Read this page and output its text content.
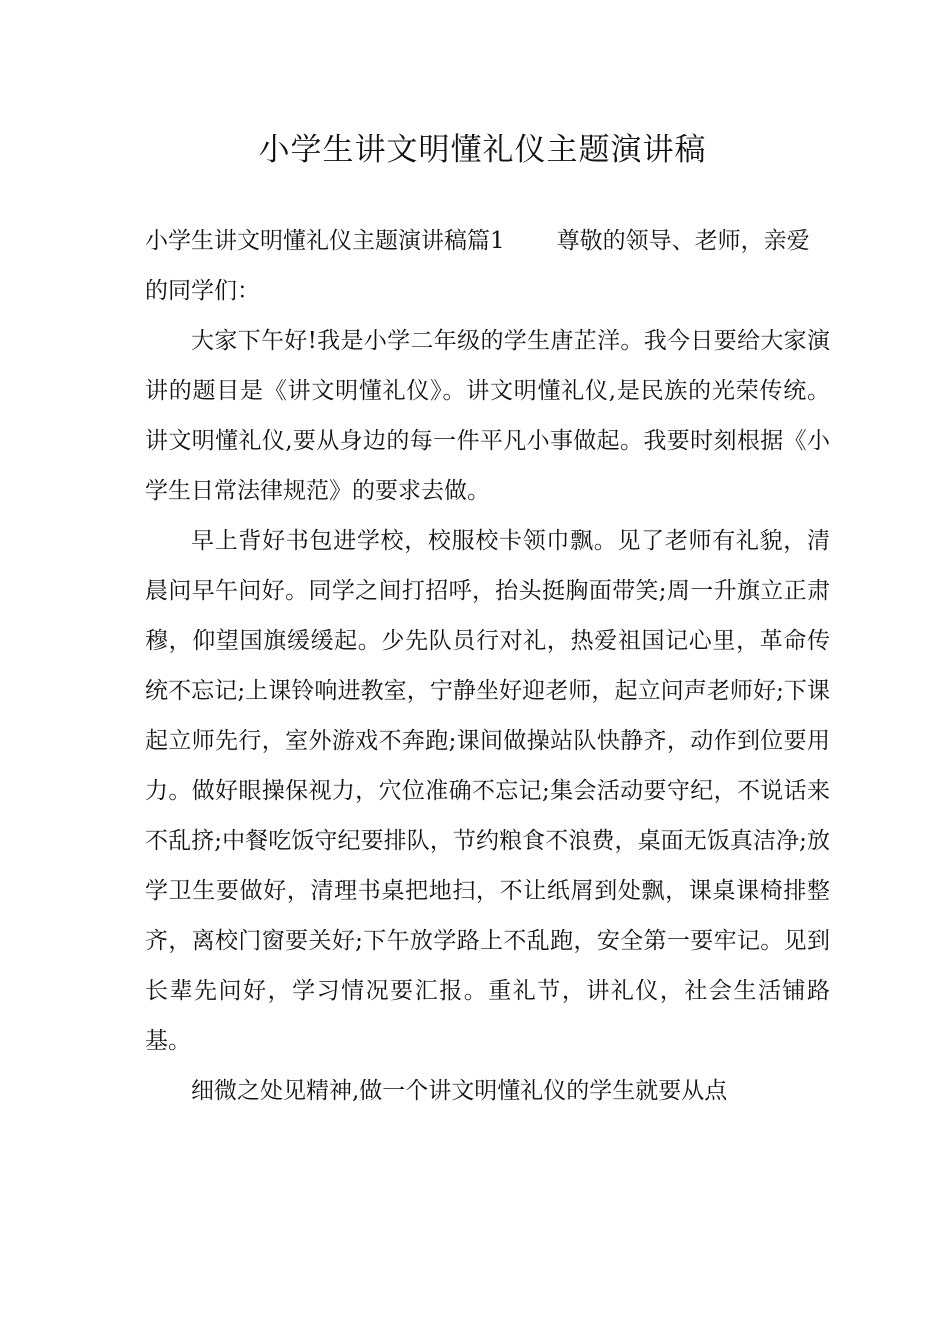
小学生讲文明懂礼仪主题演讲稿

小学生讲文明懂礼仪主题演讲稿篇1 尊敬的领导、老师，亲爱的同学们：

大家下午好!我是小学二年级的学生唐芷洋。我今日要给大家演讲的题目是《讲文明懂礼仪》。讲文明懂礼仪,是民族的光荣传统。讲文明懂礼仪,要从身边的每一件平凡小事做起。我要时刻根据《小学生日常法律规范》的要求去做。

早上背好书包进学校，校服校卡领巾飘。见了老师有礼貌，清晨问早午问好。同学之间打招呼，抬头挺胸面带笑;周一升旗立正肃穆，仰望国旗缓缓起。少先队员行对礼，热爱祖国记心里，革命传统不忘记;上课铃响进教室，宁静坐好迎老师，起立问声老师好;下课起立师先行，室外游戏不奔跑;课间做操站队快静齐，动作到位要用力。做好眼操保视力，穴位准确不忘记;集会活动要守纪，不说话来不乱挤;中餐吃饭守纪要排队，节约粮食不浪费，桌面无饭真洁净;放学卫生要做好，清理书桌把地扫，不让纸屑到处飘，课桌课椅排整齐，离校门窗要关好;下午放学路上不乱跑，安全第一要牢记。见到长辈先问好，学习情况要汇报。重礼节，讲礼仪，社会生活铺路基。

细微之处见精神,做一个讲文明懂礼仪的学生就要从点
